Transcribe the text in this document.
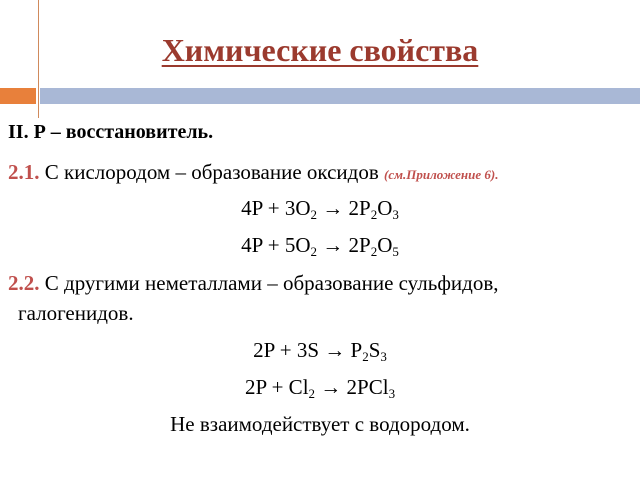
Химические свойства
II. Р – восстановитель.
2.1. С кислородом – образование оксидов (см.Приложение 6).
$4P + 3O_2 \to 2P_2O_3$
$4P + 5O_2 \to 2P_2O_5$
2.2. С другими неметаллами – образование сульфидов,
галогенидов.
$2P + 3S \to P_2S_3$
$2P + Cl_2 \to 2PCl_3$
Не взаимодействует с водородом.
